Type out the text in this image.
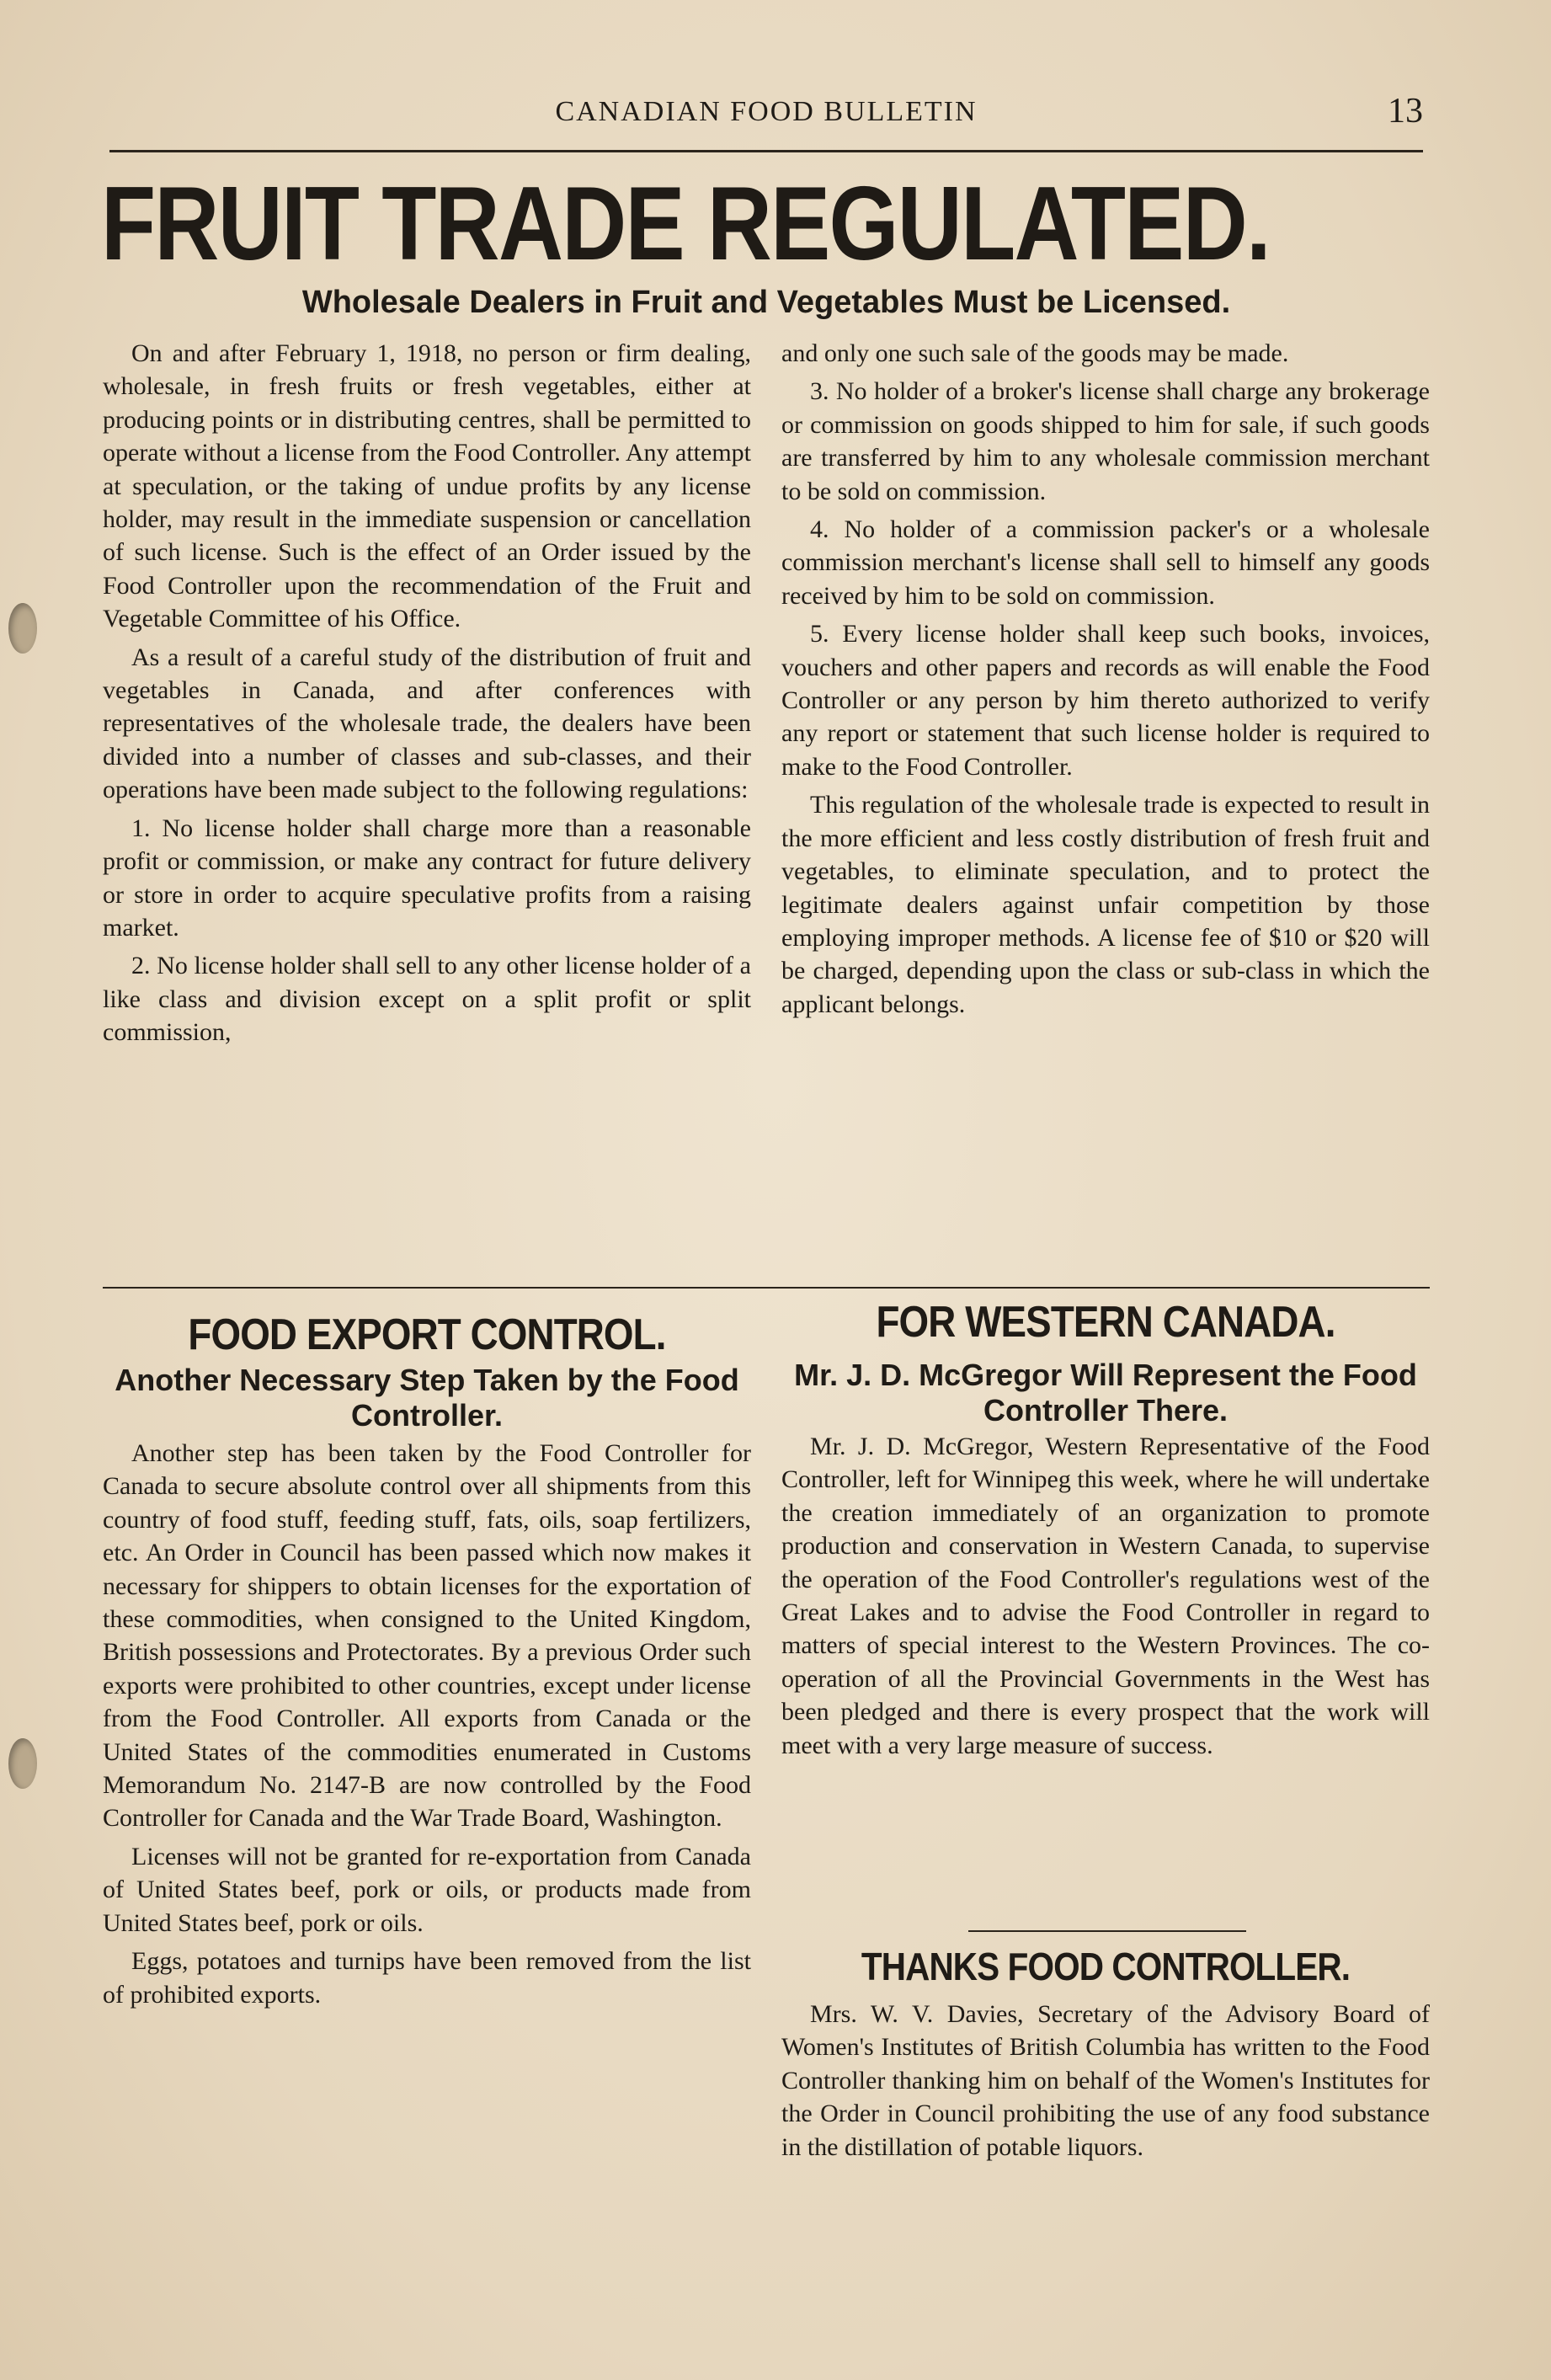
CANADIAN FOOD BULLETIN	13
FRUIT TRADE REGULATED.
Wholesale Dealers in Fruit and Vegetables Must be Licensed.

On and after February 1, 1918, no person or firm dealing, wholesale, in fresh fruits or fresh vegetables, either at producing points or in distributing centres, shall be permitted to operate without a license from the Food Controller. Any attempt at speculation, or the taking of undue profits by any license holder, may result in the immediate suspension or cancellation of such license. Such is the effect of an Order issued by the Food Controller upon the recommendation of the Fruit and Vegetable Committee of his Office.

As a result of a careful study of the distribution of fruit and vegetables in Canada, and after conferences with representatives of the wholesale trade, the dealers have been divided into a number of classes and sub-classes, and their operations have been made subject to the following regulations:

1. No license holder shall charge more than a reasonable profit or commission, or make any contract for future delivery or store in order to acquire speculative profits from a raising market.

2. No license holder shall sell to any other license holder of a like class and division except on a split profit or split commission,

and only one such sale of the goods may be made.

3. No holder of a broker's license shall charge any brokerage or commission on goods shipped to him for sale, if such goods are transferred by him to any wholesale commission merchant to be sold on commission.

4. No holder of a commission packer's or a wholesale commission merchant's license shall sell to himself any goods received by him to be sold on commission.

5. Every license holder shall keep such books, invoices, vouchers and other papers and records as will enable the Food Controller or any person by him thereto authorized to verify any report or statement that such license holder is required to make to the Food Controller.

This regulation of the wholesale trade is expected to result in the more efficient and less costly distribution of fresh fruit and vegetables, to eliminate speculation, and to protect the legitimate dealers against unfair competition by those employing improper methods. A license fee of $10 or $20 will be charged, depending upon the class or sub-class in which the applicant belongs.

FOOD EXPORT CONTROL.
Another Necessary Step Taken by the Food Controller.

Another step has been taken by the Food Controller for Canada to secure absolute control over all shipments from this country of food stuff, feeding stuff, fats, oils, soap fertilizers, etc. An Order in Council has been passed which now makes it necessary for shippers to obtain licenses for the exportation of these commodities, when consigned to the United Kingdom, British possessions and Protectorates. By a previous Order such exports were prohibited to other countries, except under license from the Food Controller. All exports from Canada or the United States of the commodities enumerated in Customs Memorandum No. 2147-B are now controlled by the Food Controller for Canada and the War Trade Board, Washington.

Licenses will not be granted for re-exportation from Canada of United States beef, pork or oils, or products made from United States beef, pork or oils.

Eggs, potatoes and turnips have been removed from the list of prohibited exports.

FOR WESTERN CANADA.
Mr. J. D. McGregor Will Represent the Food Controller There.

Mr. J. D. McGregor, Western Representative of the Food Controller, left for Winnipeg this week, where he will undertake the creation immediately of an organization to promote production and conservation in Western Canada, to supervise the operation of the Food Controller's regulations west of the Great Lakes and to advise the Food Controller in regard to matters of special interest to the Western Provinces. The co-operation of all the Provincial Governments in the West has been pledged and there is every prospect that the work will meet with a very large measure of success.

THANKS FOOD CONTROLLER.

Mrs. W. V. Davies, Secretary of the Advisory Board of Women's Institutes of British Columbia has written to the Food Controller thanking him on behalf of the Women's Institutes for the Order in Council prohibiting the use of any food substance in the distillation of potable liquors.
